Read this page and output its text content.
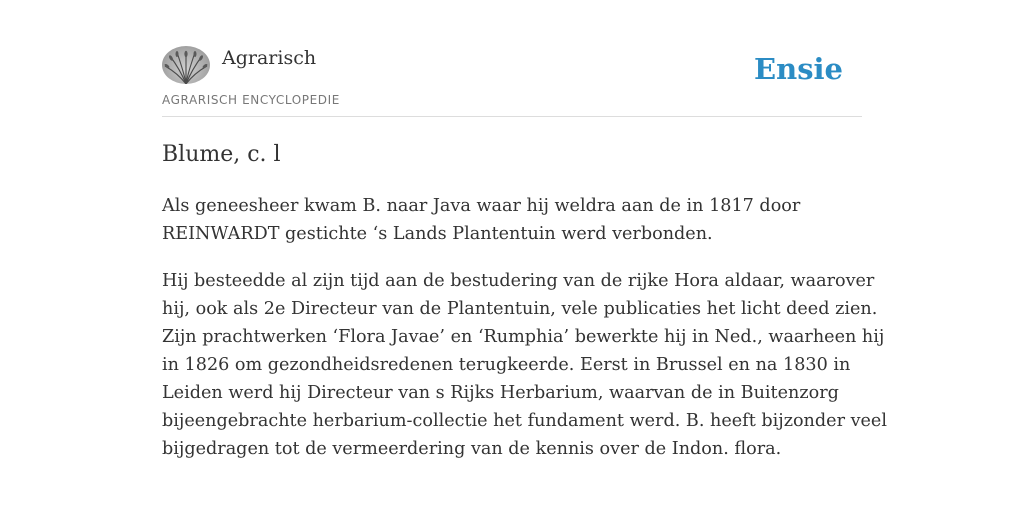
Agrarisch
AGRARISCH ENCYCLOPEDIE
Ensie
Blume, c. l

Als geneesheer kwam B. naar Java waar hij weldra aan de in 1817 door
REINWARDT gestichte ‘s Lands Plantentuin werd verbonden.

Hij besteedde al zijn tijd aan de bestudering van de rijke Hora aldaar, waarover
hij, ook als 2e Directeur van de Plantentuin, vele publicaties het licht deed zien.
Zijn prachtwerken ‘Flora Javae’ en ‘Rumphia’ bewerkte hij in Ned., waarheen hij
in 1826 om gezondheidsredenen terugkeerde. Eerst in Brussel en na 1830 in
Leiden werd hij Directeur van s Rijks Herbarium, waarvan de in Buitenzorg
bijeengebrachte herbarium-collectie het fundament werd. B. heeft bijzonder veel
bijgedragen tot de vermeerdering van de kennis over de Indon. flora.
